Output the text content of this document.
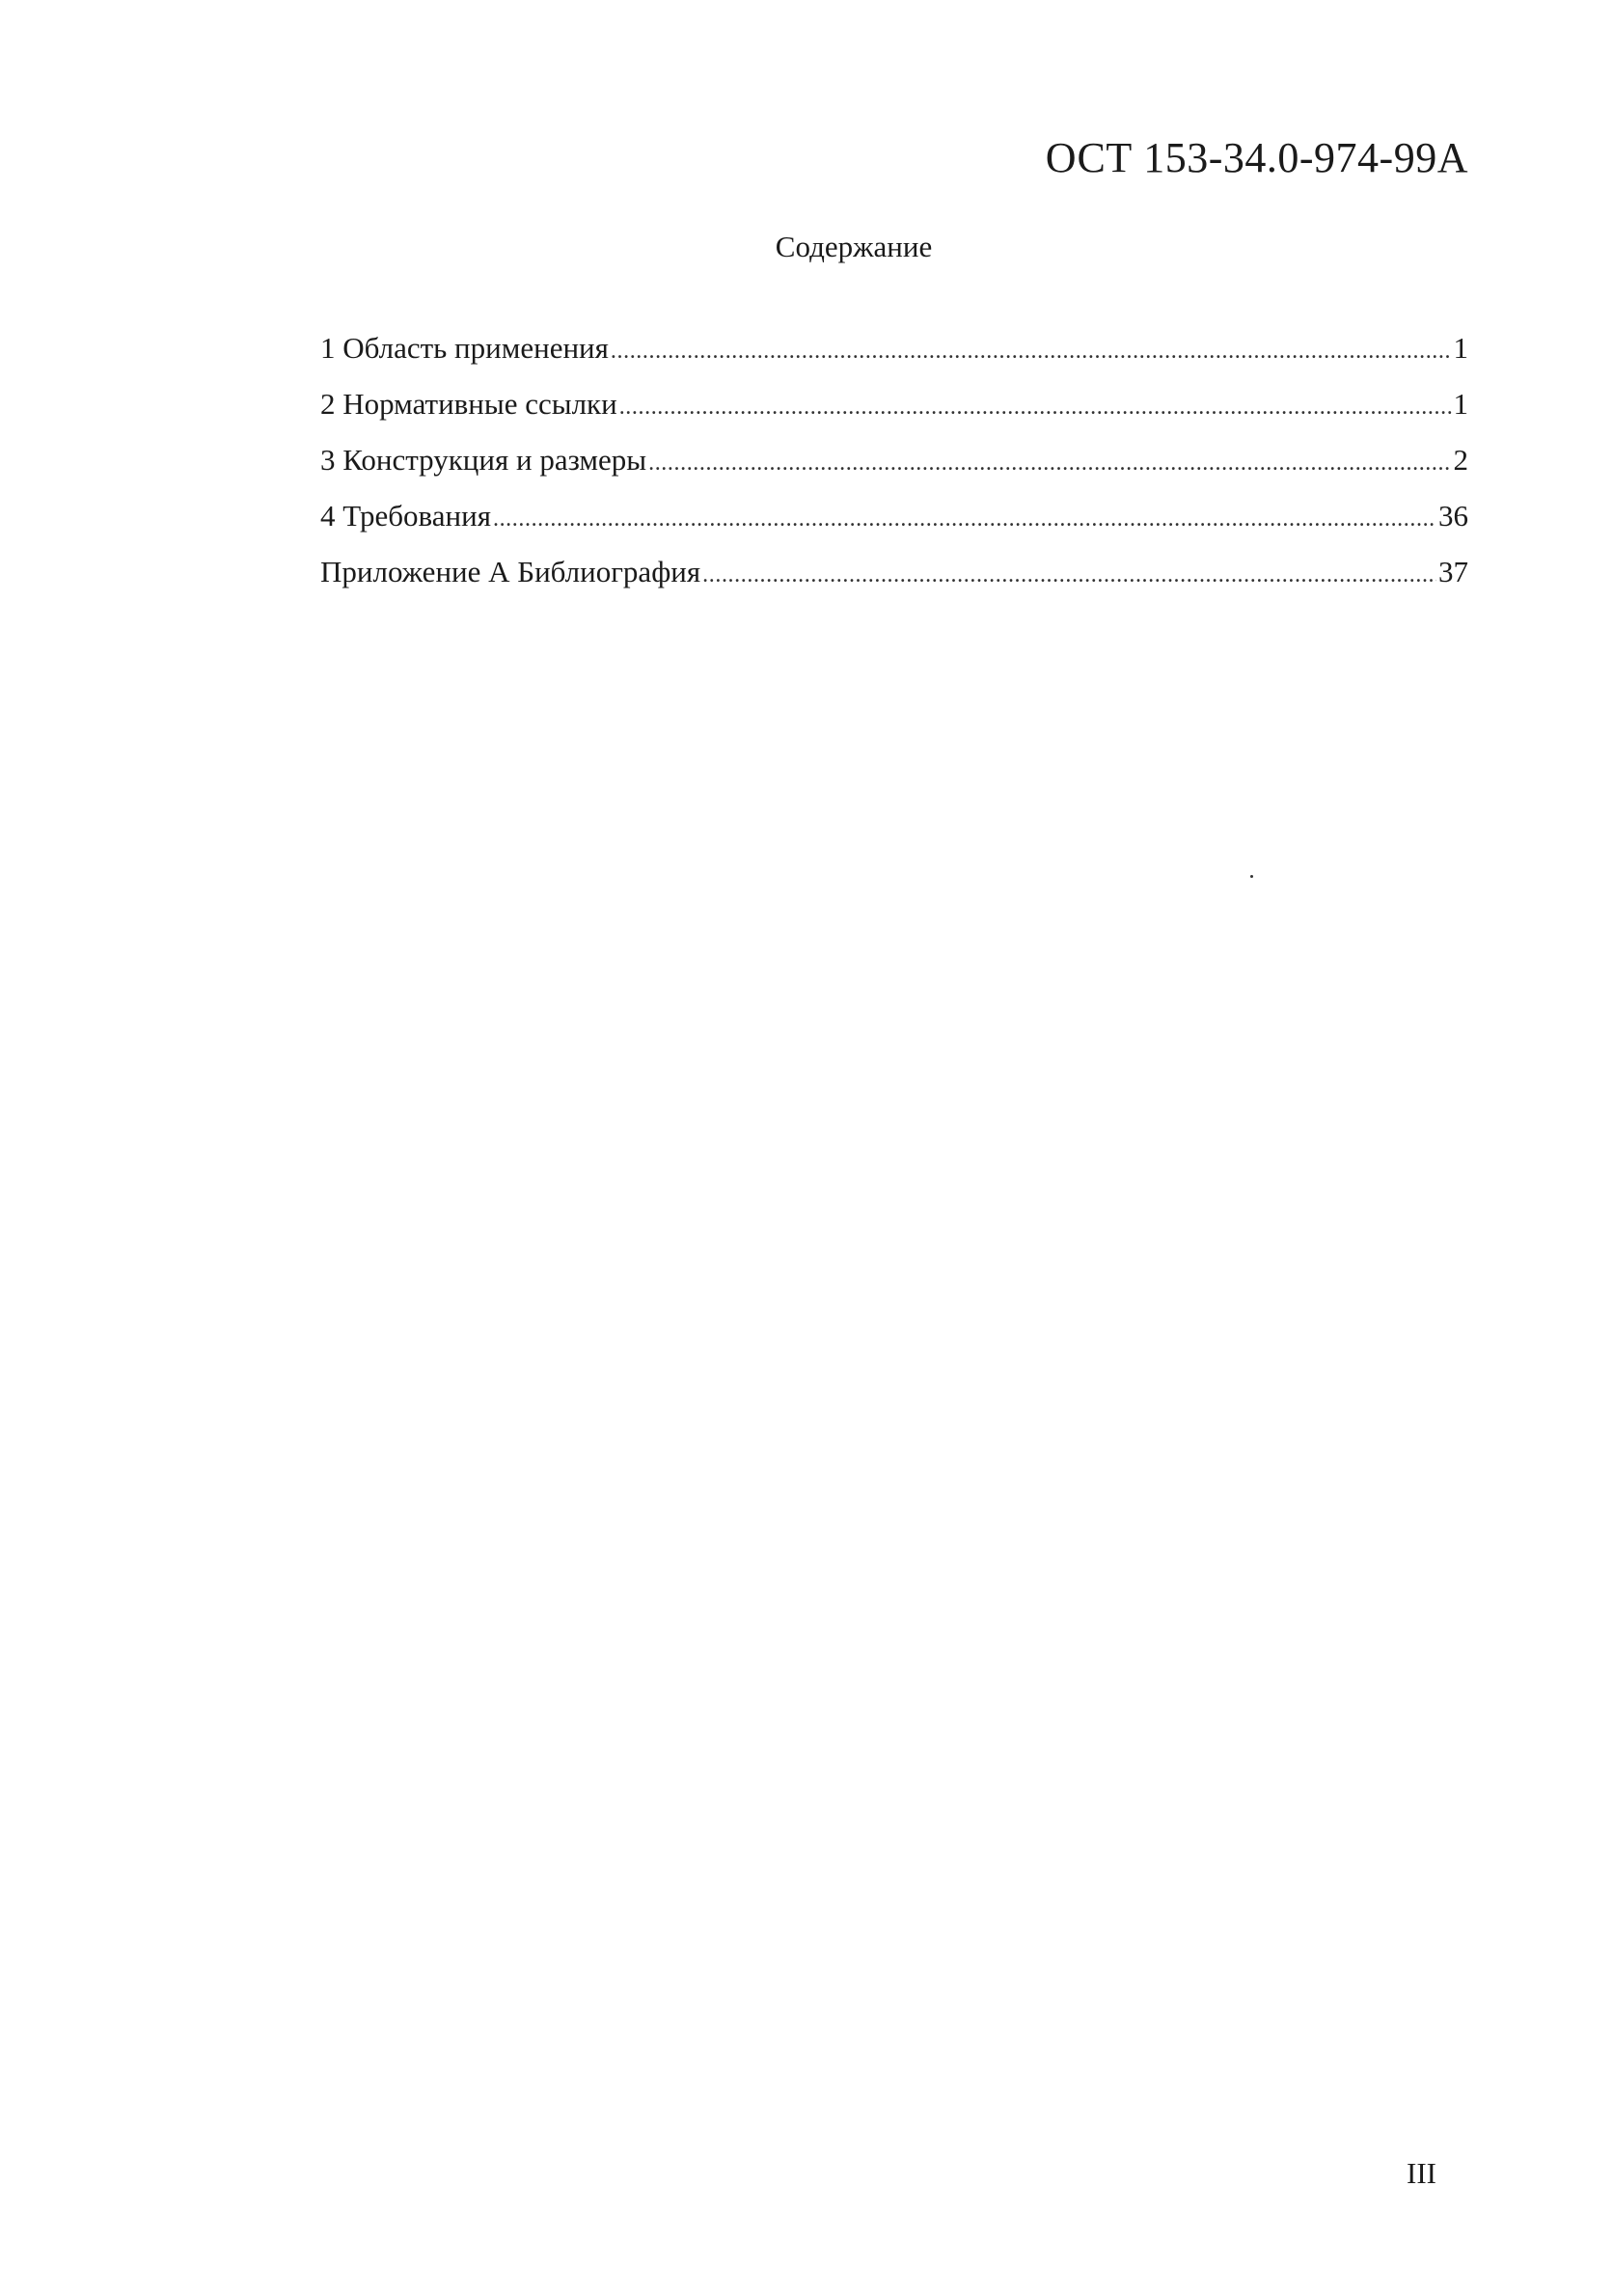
ОСТ 153-34.0-974-99А
Содержание
1 Область применения .....	1
2 Нормативные ссылки .....	1
3 Конструкция и размеры .....	2
4 Требования .....	36
Приложение А Библиография .....	37
III
